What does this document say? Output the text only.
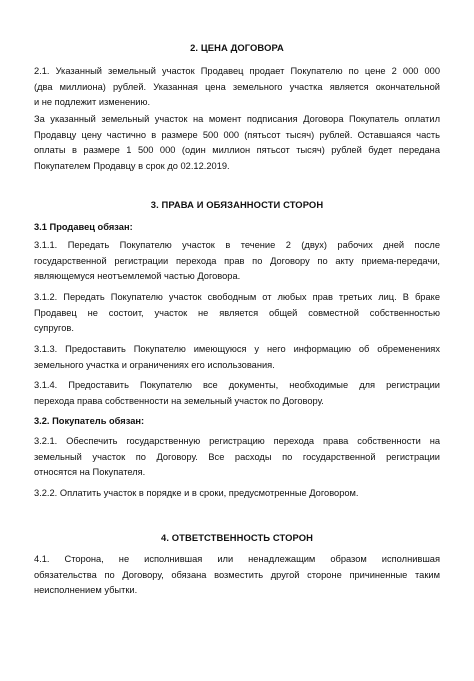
2. ЦЕНА ДОГОВОРА
2.1. Указанный земельный участок Продавец продает Покупателю по цене 2 000 000
(два миллиона) рублей. Указанная цена земельного участка является окончательной
и не подлежит изменению.
За указанный земельный участок на момент подписания Договора Покупатель оплатил
Продавцу цену частично в размере 500 000 (пятьсот тысяч) рублей. Оставшаяся часть
оплаты в размере 1 500 000 (один миллион пятьсот тысяч) рублей будет передана
Покупателем Продавцу в срок до 02.12.2019.
3. ПРАВА И ОБЯЗАННОСТИ СТОРОН
3.1 Продавец обязан:
3.1.1. Передать Покупателю участок в течение 2 (двух) рабочих дней после
государственной регистрации перехода прав по Договору по акту приема-передачи,
являющемуся неотъемлемой частью Договора.
3.1.2. Передать Покупателю участок свободным от любых прав третьих лиц. В браке
Продавец не состоит, участок не является общей совместной собственностью
супругов.
3.1.3. Предоставить Покупателю имеющуюся у него информацию об обременениях
земельного участка и ограничениях его использования.
3.1.4. Предоставить Покупателю все документы, необходимые для регистрации
перехода права собственности на земельный участок по Договору.
3.2. Покупатель обязан:
3.2.1. Обеспечить государственную регистрацию перехода права собственности на
земельный участок по Договору. Все расходы по государственной регистрации
относятся на Покупателя.
3.2.2. Оплатить участок в порядке и в сроки, предусмотренные Договором.
4. ОТВЕТСТВЕННОСТЬ СТОРОН
4.1. Сторона, не исполнившая или ненадлежащим образом исполнившая
обязательства по Договору, обязана возместить другой стороне причиненные таким
неисполнением убытки.
